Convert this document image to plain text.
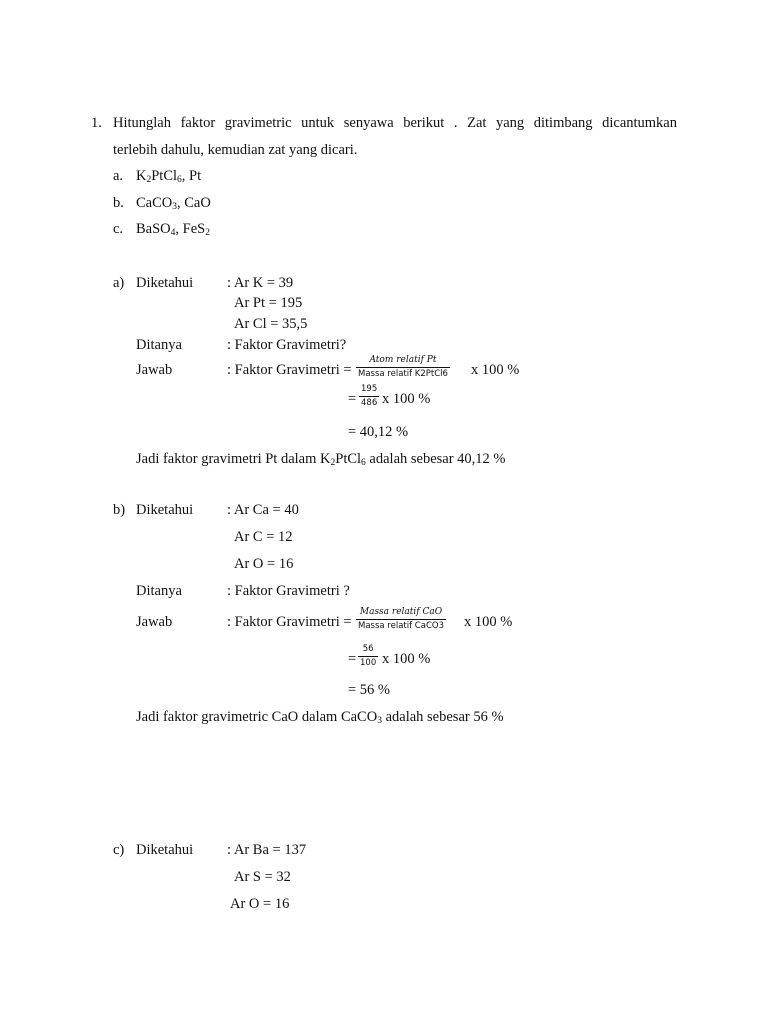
1. Hitunglah faktor gravimetric untuk senyawa berikut . Zat yang ditimbang dicantumkan
terlebih dahulu, kemudian zat yang dicari.
a. $K_2PtCl_6$, Pt
b. CaCO$_3$, CaO
c. BaSO$_4$, FeS$_2$
a) Diketahui : Ar K = 39
Ar Pt = 195
Ar Cl = 35,5
Ditanya	: Faktor Gravimetri?
Jawab	: Faktor Gravimetri =
Atom relatif Pt
Massa relatif K2PtCl6 x 100 %
= $\frac{195}{486}$ x 100 %
= 40,12 %
Jadi faktor gravimetri Pt dalam $K_2PtCl_6$ adalah sebesar 40,12 %
b) Diketahui : Ar Ca = 40
Ar C = 12
Ar O = 16
Ditanya	: Faktor Gravimetri ?
Jawab	: Faktor Gravimetri =
Massa relatif CaO
Massa relatif CaCO3 x 100 %
= $\frac{56}{100}$ x 100 %
= 56 %
Jadi faktor gravimetric CaO dalam CaCO$_3$ adalah sebesar 56 %
c) Diketahui : Ar Ba = 137
Ar S = 32
Ar O = 16
